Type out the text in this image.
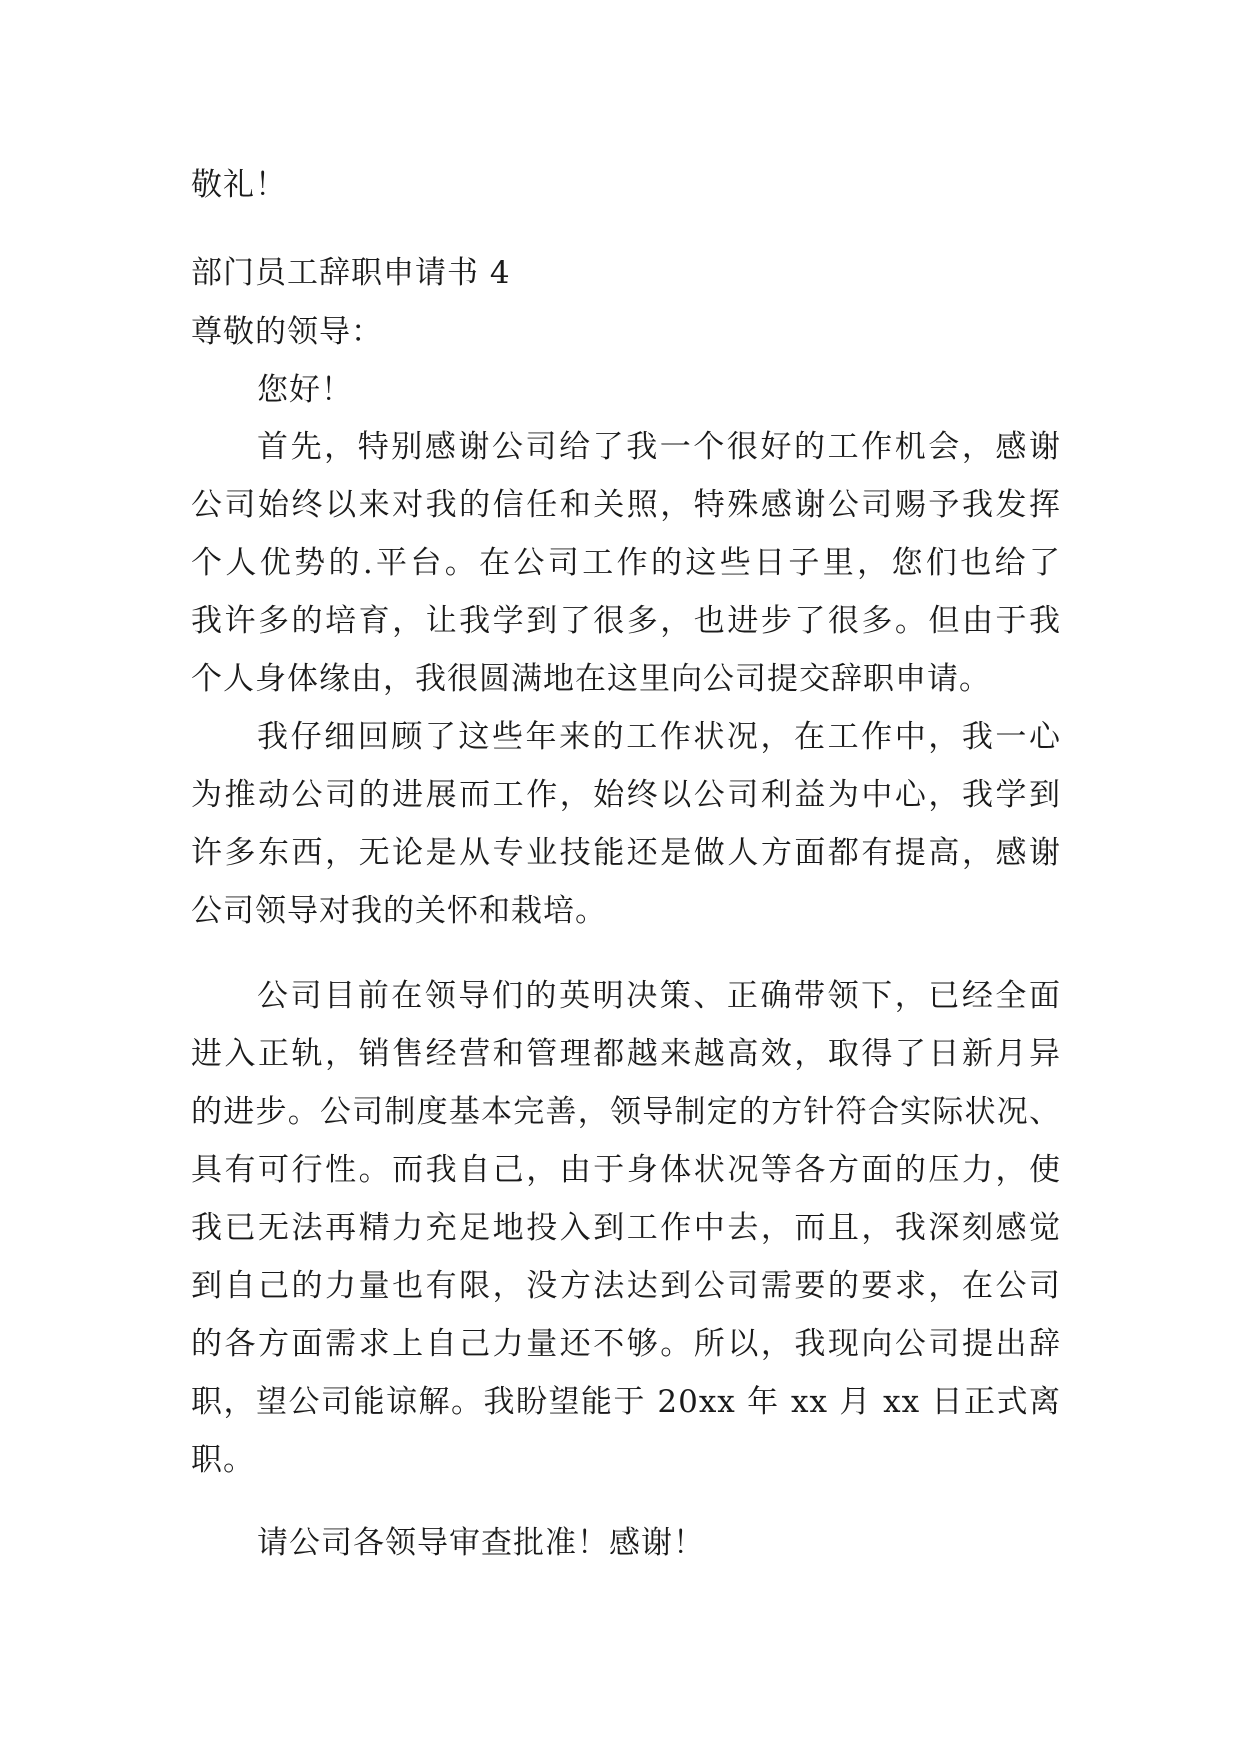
敬礼！
部门员工辞职申请书 4
尊敬的领导：
您好！
首先，特别感谢公司给了我一个很好的工作机会，感谢
公司始终以来对我的信任和关照，特殊感谢公司赐予我发挥
个人优势的.平台。在公司工作的这些日子里，您们也给了
我许多的培育，让我学到了很多，也进步了很多。但由于我
个人身体缘由，我很圆满地在这里向公司提交辞职申请。
我仔细回顾了这些年来的工作状况，在工作中，我一心
为推动公司的进展而工作，始终以公司利益为中心，我学到
许多东西，无论是从专业技能还是做人方面都有提高，感谢
公司领导对我的关怀和栽培。
公司目前在领导们的英明决策、正确带领下，已经全面
进入正轨，销售经营和管理都越来越高效，取得了日新月异
的进步。公司制度基本完善，领导制定的方针符合实际状况、
具有可行性。而我自己，由于身体状况等各方面的压力，使
我已无法再精力充足地投入到工作中去，而且，我深刻感觉
到自己的力量也有限，没方法达到公司需要的要求，在公司
的各方面需求上自己力量还不够。所以，我现向公司提出辞
职，望公司能谅解。我盼望能于 20xx 年 xx 月 xx 日正式离
职。
请公司各领导审查批准！感谢！
